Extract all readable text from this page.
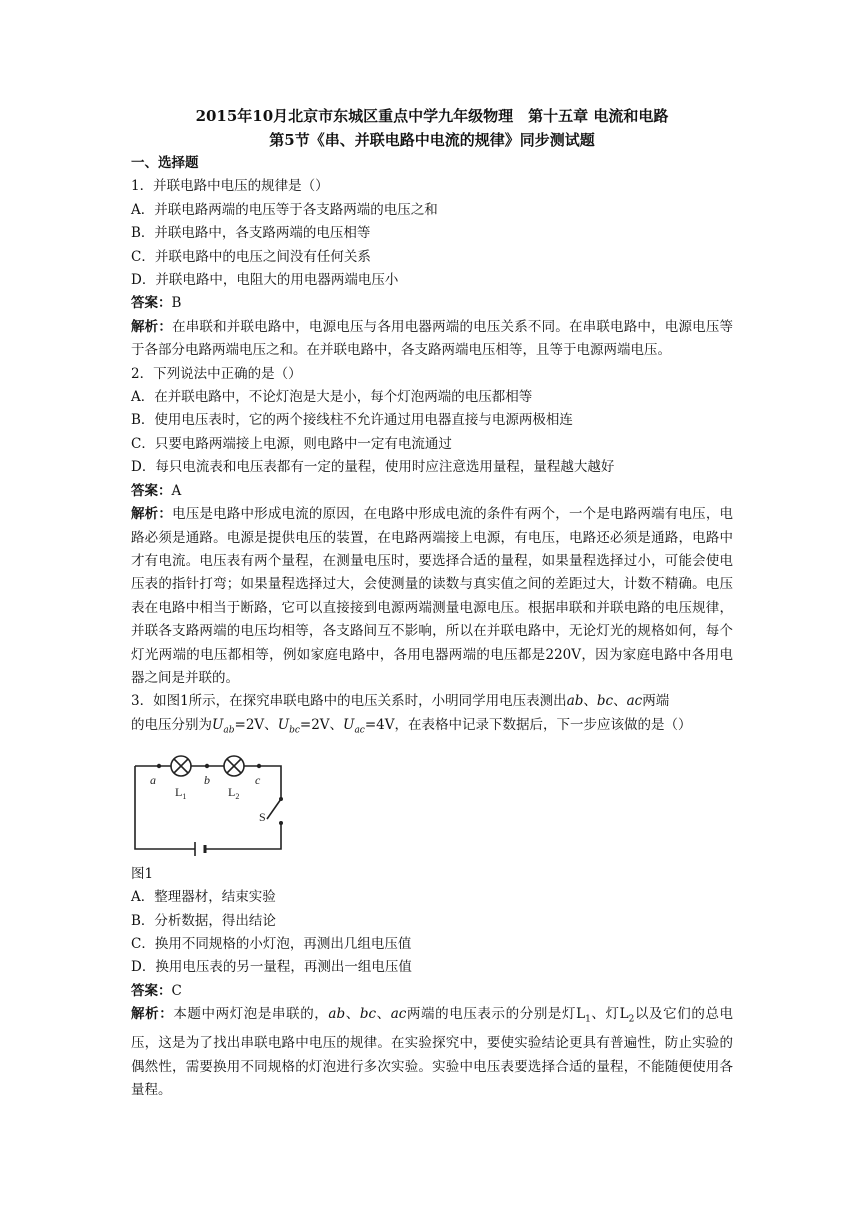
2015年10月北京市东城区重点中学九年级物理　第十五章 电流和电路
第5节《串、并联电路中电流的规律》同步测试题
一、选择题
1．并联电路中电压的规律是（）
A．并联电路两端的电压等于各支路两端的电压之和
B．并联电路中，各支路两端的电压相等
C．并联电路中的电压之间没有任何关系
D．并联电路中，电阻大的用电器两端电压小
答案：B
解析：在串联和并联电路中，电源电压与各用电器两端的电压关系不同。在串联电路中，电源电压等于各部分电路两端电压之和。在并联电路中，各支路两端电压相等，且等于电源两端电压。
2．下列说法中正确的是（）
A．在并联电路中，不论灯泡是大是小，每个灯泡两端的电压都相等
B．使用电压表时，它的两个接线柱不允许通过用电器直接与电源两极相连
C．只要电路两端接上电源，则电路中一定有电流通过
D．每只电流表和电压表都有一定的量程，使用时应注意选用量程，量程越大越好
答案：A
解析：电压是电路中形成电流的原因，在电路中形成电流的条件有两个，一个是电路两端有电压，电路必须是通路。电源是提供电压的装置，在电路两端接上电源，有电压，电路还必须是通路，电路中才有电流。电压表有两个量程，在测量电压时，要选择合适的量程，如果量程选择过小，可能会使电压表的指针打弯；如果量程选择过大，会使测量的读数与真实值之间的差距过大，计数不精确。电压表在电路中相当于断路，它可以直接接到电源两端测量电源电压。根据串联和并联电路的电压规律，并联各支路两端的电压均相等，各支路间互不影响，所以在并联电路中，无论灯光的规格如何，每个灯光两端的电压都相等，例如家庭电路中，各用电器两端的电压都是220V，因为家庭电路中各用电器之间是并联的。
3．如图1所示，在探究串联电路中的电压关系时，小明同学用电压表测出ab、bc、ac两端
的电压分别为$U_{ab}=2V$、$U_{bc}=2V$、$U_{ac}=4V$，在表格中记录下数据后，下一步应该做的是（）
a	b	c
$L_1$	$L_2$
S
图1
A．整理器材，结束实验
B．分析数据，得出结论
C．换用不同规格的小灯泡，再测出几组电压值
D．换用电压表的另一量程，再测出一组电压值
答案：C
解析：本题中两灯泡是串联的，ab、bc、ac两端的电压表示的分别是灯$L_1$、灯$L_2$以及它们的总电压，这是为了找出串联电路中电压的规律。在实验探究中，要使实验结论更具有普遍性，防止实验的偶然性，需要换用不同规格的灯泡进行多次实验。实验中电压表要选择合适的量程，不能随便使用各量程。
